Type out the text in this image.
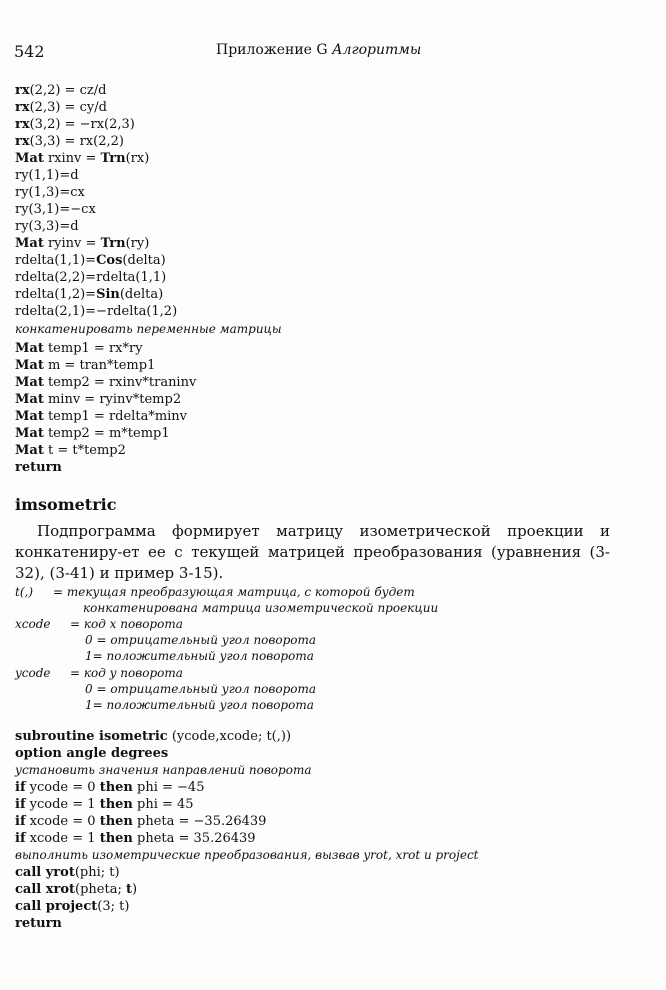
542	Приложение G Алгоритмы
rx(2,2) = cz/d
rx(2,3) = cy/d
rx(3,2) = −rx(2,3)
rx(3,3) = rx(2,2)
Mat rxinv = Trn(rx)
ry(1,1)=d
ry(1,3)=cx
ry(3,1)=−cx
ry(3,3)=d
Mat ryinv = Trn(ry)
rdelta(1,1)=Cos(delta)
rdelta(2,2)=rdelta(1,1)
rdelta(1,2)=Sin(delta)
rdelta(2,1)=−rdelta(1,2)
конкатенировать переменные матрицы
Mat temp1 = rx*ry
Mat m = tran*temp1
Mat temp2 = rxinv*traninv
Mat minv = ryinv*temp2
Mat temp1 = rdelta*minv
Mat temp2 = m*temp1
Mat t = t*temp2
return
imsometric
Подпрограмма формирует матрицу изометрической проекции и конкатениру-ет ее с текущей матрицей преобразования (уравнения (3-32), (3-41) и пример 3-15).
t(,) = текущая преобразующая матрица, с которой будет
конкатенирована матрица изометрической проекции
xcode = код x поворота
0 = отрицательный угол поворота
1= положительный угол поворота
ycode = код y поворота
0 = отрицательный угол поворота
1= положительный угол поворота
subroutine isometric (ycode,xcode; t(,))
option angle degrees
установить значения направлений поворота
if ycode = 0 then phi = −45
if ycode = 1 then phi = 45
if xcode = 0 then pheta = −35.26439
if xcode = 1 then pheta = 35.26439
выполнить изометрические преобразования, вызвав yrot, xrot и project
call yrot(phi; t)
call xrot(pheta; t)
call project(3; t)
return
